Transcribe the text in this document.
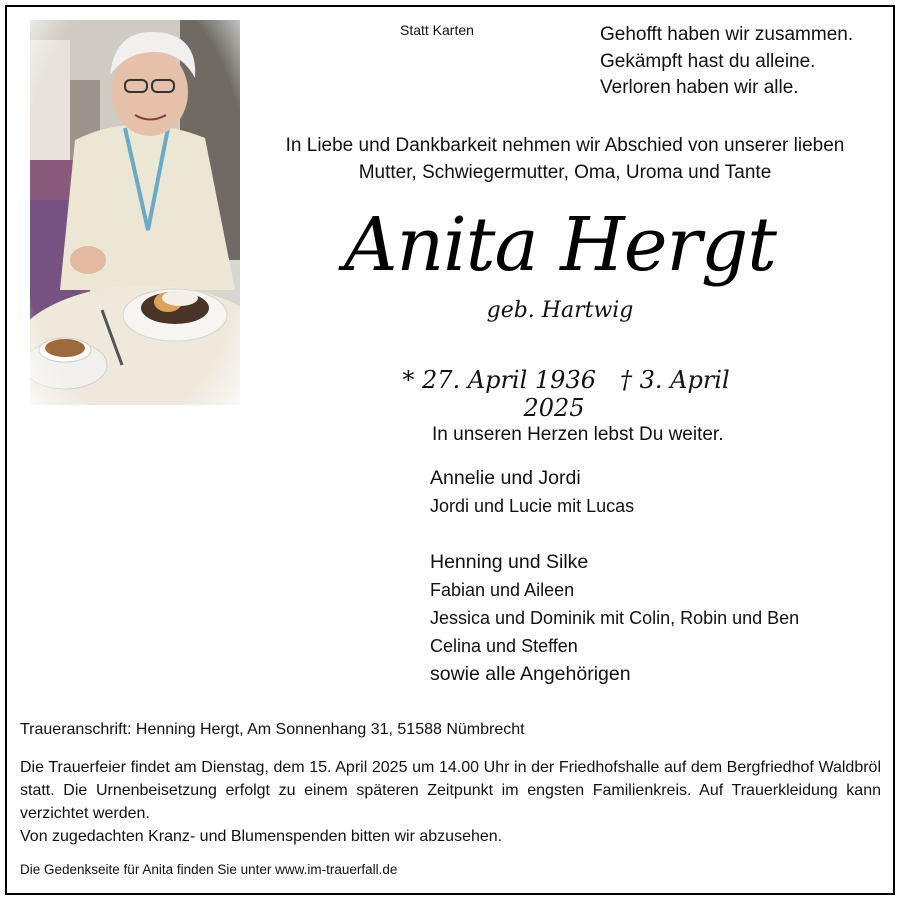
Statt Karten	Gehofft haben wir zusammen.
Gekämpft hast du alleine.
Verloren haben wir alle.
In Liebe und Dankbarkeit nehmen wir Abschied von unserer lieben
Mutter, Schwiegermutter, Oma, Uroma und Tante
Anita Hergt
geb. Hartwig
* 27. April 1936 † 3. April 2025
In unseren Herzen lebst Du weiter.
Annelie und Jordi
Jordi und Lucie mit Lucas
Henning und Silke
Fabian und Aileen
Jessica und Dominik mit Colin, Robin und Ben
Celina und Steffen
sowie alle Angehörigen
Traueranschrift: Henning Hergt, Am Sonnenhang 31, 51588 Nümbrecht
Die Trauerfeier findet am Dienstag, dem 15. April 2025 um 14.00 Uhr in der Friedhofshalle auf dem Bergfriedhof Waldbröl statt. Die Urnenbeisetzung erfolgt zu einem späteren Zeitpunkt im engsten Familienkreis. Auf Trauerkleidung kann verzichtet werden.
Von zugedachten Kranz- und Blumenspenden bitten wir abzusehen.
Die Gedenkseite für Anita finden Sie unter www.im-trauerfall.de
